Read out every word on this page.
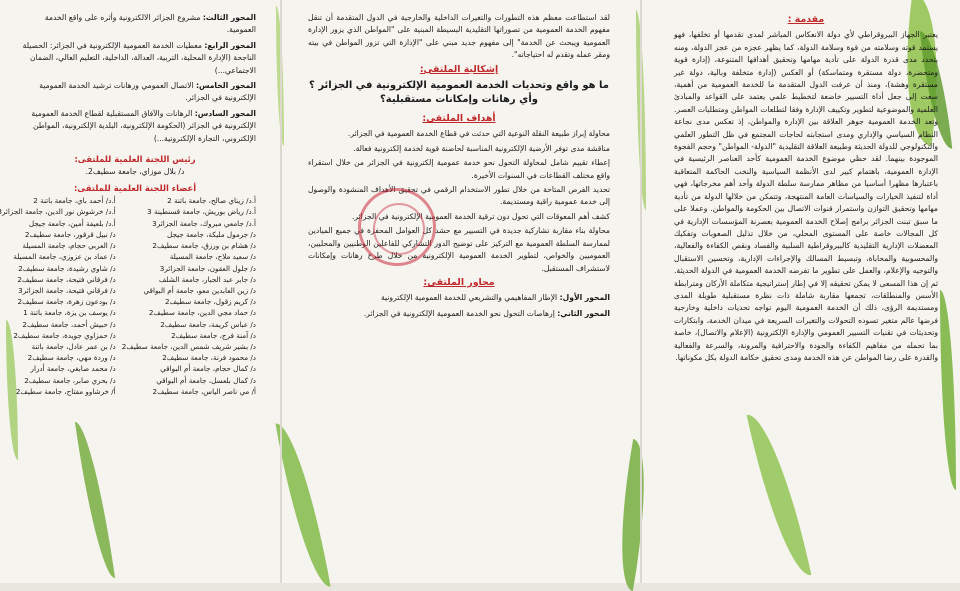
مقدمة :

يعتبر الجهاز البيروقراطي لأي دولة الانعكاس المباشر لمدى تقدمها أو تخلفها، فهو يستمد قوته وسلامته من قوة وسلامة الدولة، كما يظهر عجزه من عجز الدولة، ومنه يتحدد مدى قدرة الدولة على تأدية مهامها وتحقيق أهدافها المتنوعة، (إدارة قوية ومتحضرة، دولة مستقرة ومتماسكة) أو العكس (إدارة متخلفة وبالية، دولة غير مستقرة وهشة)، ومنذ أن عرفت الدول المتقدمة ما للخدمة العمومية من أهمية، سعت إلى جعل أداة التسيير خاضعة لتخطيط علمي يعتمد على القواعد والمبادئ العلمية والموضوعية لتطوير وتكييف الإدارة وفقا لتطلعات المواطن ومتطلبات العصر. وتعد الخدمة العمومية جوهر العلاقة بين الإدارة والمواطن، إذ تعكس مدى نجاعة النظام السياسي والإداري ومدى استجابته لحاجات المجتمع في ظل التطور العلمي والتكنولوجي للدولة الحديثة وطبيعة العلاقة التقليدية "الدولة- المواطن" وحجم الفجوة الموجودة بينهما. لقد حظي موضوع الخدمة العمومية كأحد العناصر الرئيسية في الإدارة العمومية، باهتمام كبير لدى الأنظمة السياسية والنخب الحاكمة المتعاقبة باعتبارها مظهرا أساسيا من مظاهر ممارسة سلطة الدولة وأحد أهم مخرجاتها، فهي أداة لتنفيذ الخيارات والسياسات العامة المنتهجة، وتتمكن من خلالها الدولة من تأدية مهامها وتحقيق التوازن واستمرار قنوات الاتصال بين الحكومة والمواطن. وعملا على ما سبق تبنت الجزائر برامج إصلاح الخدمة العمومية بعصرنة المؤسسات الإدارية في كل المجالات خاصة على المستوى المحلي، من خلال تذليل الصعوبات وتفكيك المعضلات الإدارية التقليدية كالبيروقراطية السلبية والفساد ونقص الكفاءة والفعالية، والمحسوبية والمحاباة، وتبسيط المسالك والإجراءات الإدارية، وتحسين الاستقبال والتوجيه والإعلام، والعمل على تطوير ما تفرضه الخدمة العمومية في الدولة الحديثة. ثم إن هذا المسعى لا يمكن تحقيقه إلا في إطار إستراتيجية متكاملة الأركان ومترابطة الأسس والمنطلقات، تجمعها مقاربة شاملة ذات نظرة مستقبلية طويلة المدى ومستديمة الرؤى، ذلك أن الخدمة العمومية اليوم تواجه تحديات داخلية وخارجية فرضها عالم متغير تسوده التحولات والتغيرات السريعة في ميدان الخدمة، وابتكارات وتحديثات في تقنيات التسيير العمومي والإدارة الإلكترونية (الإعلام والاتصال)، خاصة بما تحمله من مفاهيم الكفاءة والجودة والاحترافية والمرونة، والسرعة والفعالية والقدرة على رضا المواطن عن هذه الخدمة ومدى تحقيق حكامة الدولة بكل مكوناتها.

لقد استطاعت معظم هذه التطورات والتغيرات الداخلية والخارجية في الدول المتقدمة أن تنقل مفهوم الخدمة العمومية من تصوراتها التقليدية البسيطة المبنية على "المواطن الذي يزور الإدارة العمومية ويبحث عن الخدمة" إلى مفهوم جديد مبني على "الإدارة التي تزور المواطن في بيته ومقر عمله وتقدم له احتياجاته".

إشكالية الملتقى:
ما هو واقع وتحديات الخدمة العمومية الإلكترونية في الجزائر ؟ وأي رهانات وإمكانات مستقبلية؟
أهداف الملتقى:

محاولة إبراز طبيعة النقلة النوعية التي حدثت في قطاع الخدمة العمومية في الجزائر.

مناقشة مدى توفر الأرضية الإلكترونية المناسبة لحاضنة قوية لخدمة إلكترونية فعالة.

إعطاء تقييم شامل لمحاولة التحول نحو خدمة عمومية إلكترونية في الجزائر من خلال استقراء واقع مختلف القطاعات في السنوات الأخيرة.

تحديد الفرص المتاحة من خلال تطور الاستخدام الرقمي في تحقيق الأهداف المنشودة والوصول إلى خدمة عمومية راقية ومستديمة.

كشف أهم المعوقات التي تحول دون ترقية الخدمة العمومية الإلكترونية في الجزائر.

محاولة بناء مقاربة تشاركية جديدة في التسيير مع حشد كل العوامل المحفزة في جميع الميادين لممارسة السلطة العمومية مع التركيز على توضيح الدور التشاركي للفاعلين الوطنيين والمحليين، العموميين والخواص، لتطوير الخدمة العمومية الإلكترونية من خلال طرح رهانات وإمكانات لاستشراف المستقبل.

محاور الملتقى:

المحور الأول: الإطار المفاهيمي والتشريعي للخدمة العمومية الإلكترونية

المحور الثاني: إرهاصات التحول نحو الخدمة العمومية الإلكترونية في الجزائر.

المحور الثالث: مشروع الجزائر الالكترونية وأثره على واقع الخدمة العمومية.

المحور الرابع: معطيات الخدمة العمومية الإلكترونية في الجزائر: الحصيلة الناجحة (الإدارة المحلية، التربية، العدالة، الداخلية، التعليم العالي، الضمان الاجتماعي...)

المحور الخامس: الاتصال العمومي ورهانات ترشيد الخدمة العمومية الإلكترونية في الجزائر.

المحور السادس: الرهانات والآفاق المستقبلية لقطاع الخدمة العمومية الإلكترونية في الجزائر (الحكومة الإلكترونية، البلدية الإلكترونية، المواطن الإلكتروني، التجارة الإلكترونية...)

رئيس اللجنة العلمية للملتقى:
د/ بلال موزاي، جامعة سطيف2.
أعضاء اللجنة العلمية للملتقى:
أ.د/ زيناي صالح، جامعة باتنة 2
أ.د/ أحمد باي، جامعة باتنة 2
أ.د/ رياض بوريش، جامعة قسنطينة 3
أ.د/ خرشوش نور الدين، جامعة الجزائر
أ.د/ جامعي مبروك، جامعة الجزائر3
أ.د/ بلعيفة أمين، جامعة جيجل
د/ جرمول مليكة، جامعة جيجل
د/ نبيل قرقور، جامعة سطيف2
د/ هشام بن ورزق، جامعة سطيف2
د/ العربي حجام، جامعة المسيلة
د/ سعيد ملاح، جامعة المسيلة
د/ عماد بن عزوزي، جامعة المسيلة
د/ جلول العقون، جامعة الجزائر3
د/ شاوي رشيدة، جامعة سطيف2
د/ جابر عبد الجبار، جامعة الشلف
د/ فرقاني فتيحة، جامعة سطيف2
د/ زين العابدين معو، جامعة أم البواقي
د/ فرقاني فتيحة، جامعة الجزائر3
د/ كريم زقول، جامعة سطيف2
د/ بودعون زهرة، جامعة سطيف2
د/ حماد مجي الدين، جامعة سطيف2
د/ يوسف بن يزة، جامعة باتنة 1
د/ عباس كريمة، جامعة سطيف2
د/ حبيش أحمد، جامعة سطيف2
د/ آمنة فرج، جامعة سطيف2
د/ حمزاوي جويدة، جامعة سطيف2
د/ بشير شريف شمس الدين، جامعة سطيف2
د/ بن عمر عادل، جامعة باتنة
د/ محمود فرنة، جامعة سطيف2
د/ وردة مهي، جامعة سطيف2
د/ كمال حجام، جامعة أم البواقي
د/ محمد صابغي، جامعة أدرار
د/ كمال بلعسل، جامعة أم البواقي
د/ بحري صابر، جامعة سطيف2
أ/ مي ناصر الياس، جامعة سطيف2
أ/ خرشاوو مفتاح، جامعة سطيف2
